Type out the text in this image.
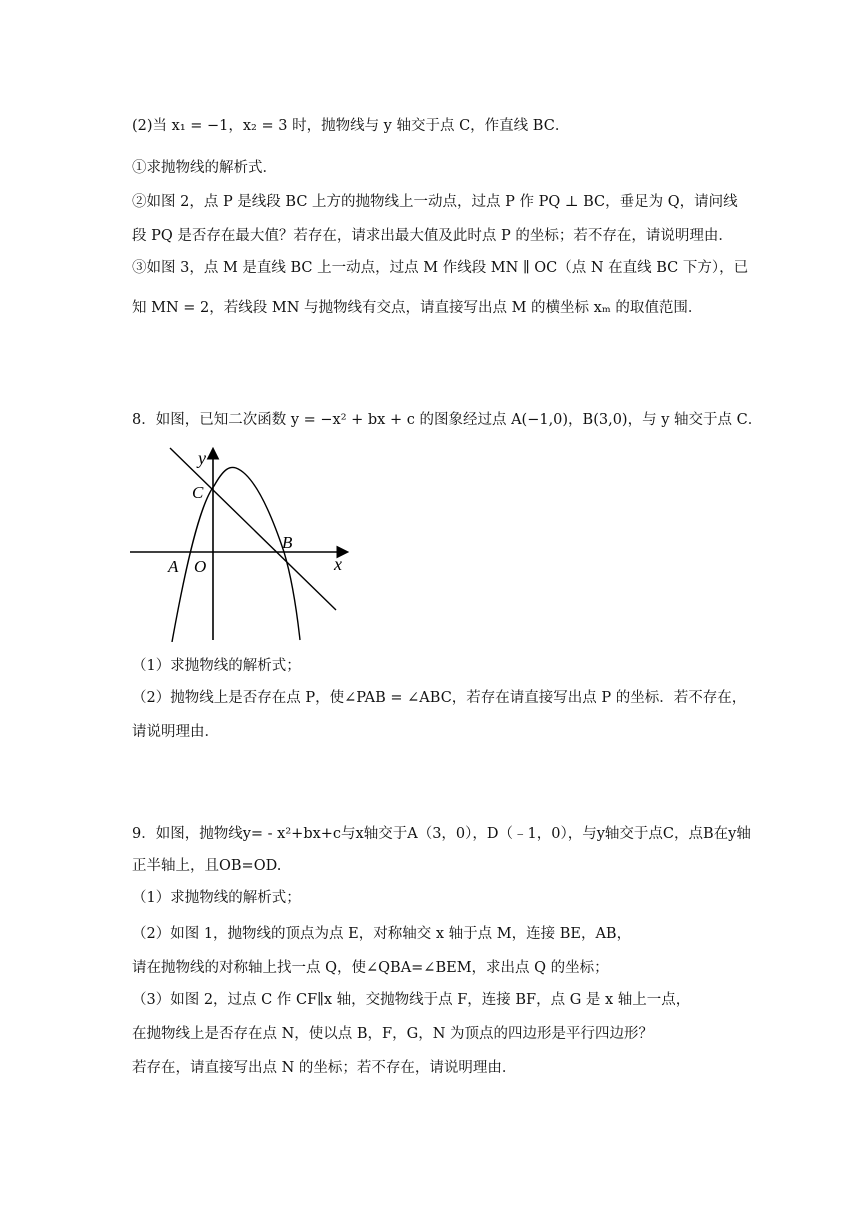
(2)当 x₁ = −1，x₂ = 3 时，抛物线与 y 轴交于点 C，作直线 BC．
①求抛物线的解析式．
②如图 2，点 P 是线段 BC 上方的抛物线上一动点，过点 P 作 PQ ⊥ BC，垂足为 Q，请问线
段 PQ 是否存在最大值？若存在，请求出最大值及此时点 P 的坐标；若不存在，请说明理由．
③如图 3，点 M 是直线 BC 上一动点，过点 M 作线段 MN ∥ OC（点 N 在直线 BC 下方），已
知 MN = 2，若线段 MN 与抛物线有交点，请直接写出点 M 的横坐标 xₘ 的取值范围．
8．如图，已知二次函数 y = −x² + bx + c 的图象经过点 A(−1,0)，B(3,0)，与 y 轴交于点 C．
y
x
C
B
A O
（1）求抛物线的解析式；
（2）抛物线上是否存在点 P，使∠PAB = ∠ABC，若存在请直接写出点 P 的坐标．若不存在，
请说明理由．
9．如图，抛物线y= - x²+bx+c与x轴交于A（3，0），D（﹣1，0），与y轴交于点C，点B在y轴
正半轴上，且OB=OD.
（1）求抛物线的解析式；
（2）如图 1，抛物线的顶点为点 E，对称轴交 x 轴于点 M，连接 BE，AB，
请在抛物线的对称轴上找一点 Q，使∠QBA=∠BEM，求出点 Q 的坐标；
（3）如图 2，过点 C 作 CF∥x 轴，交抛物线于点 F，连接 BF，点 G 是 x 轴上一点，
在抛物线上是否存在点 N，使以点 B，F，G，N 为顶点的四边形是平行四边形？
若存在，请直接写出点 N 的坐标；若不存在，请说明理由．
